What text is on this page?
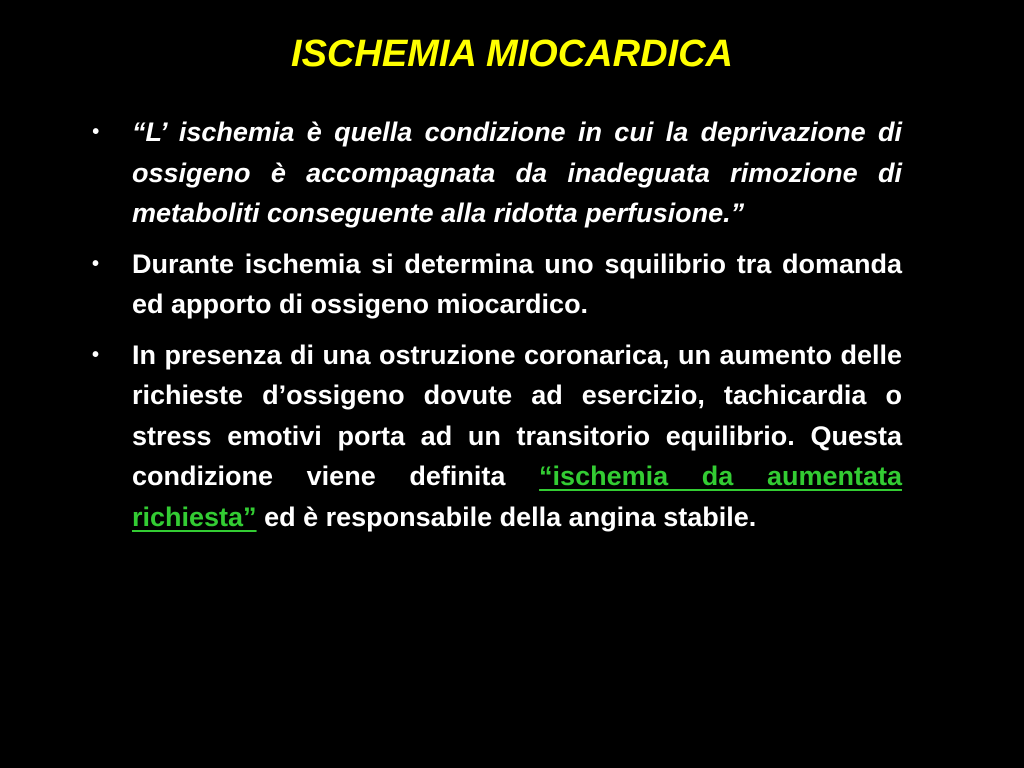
ISCHEMIA MIOCARDICA
•	“L’ ischemia è quella condizione in cui la deprivazione di ossigeno è accompagnata da inadeguata rimozione di metaboliti conseguente alla ridotta perfusione.”
•	Durante ischemia si determina uno squilibrio tra domanda ed apporto di ossigeno miocardico.
•	In presenza di una ostruzione coronarica, un aumento delle richieste d’ossigeno dovute ad esercizio, tachicardia o stress emotivi porta ad un transitorio equilibrio. Questa condizione viene definita “ischemia da aumentata richiesta” ed è responsabile della angina stabile.
